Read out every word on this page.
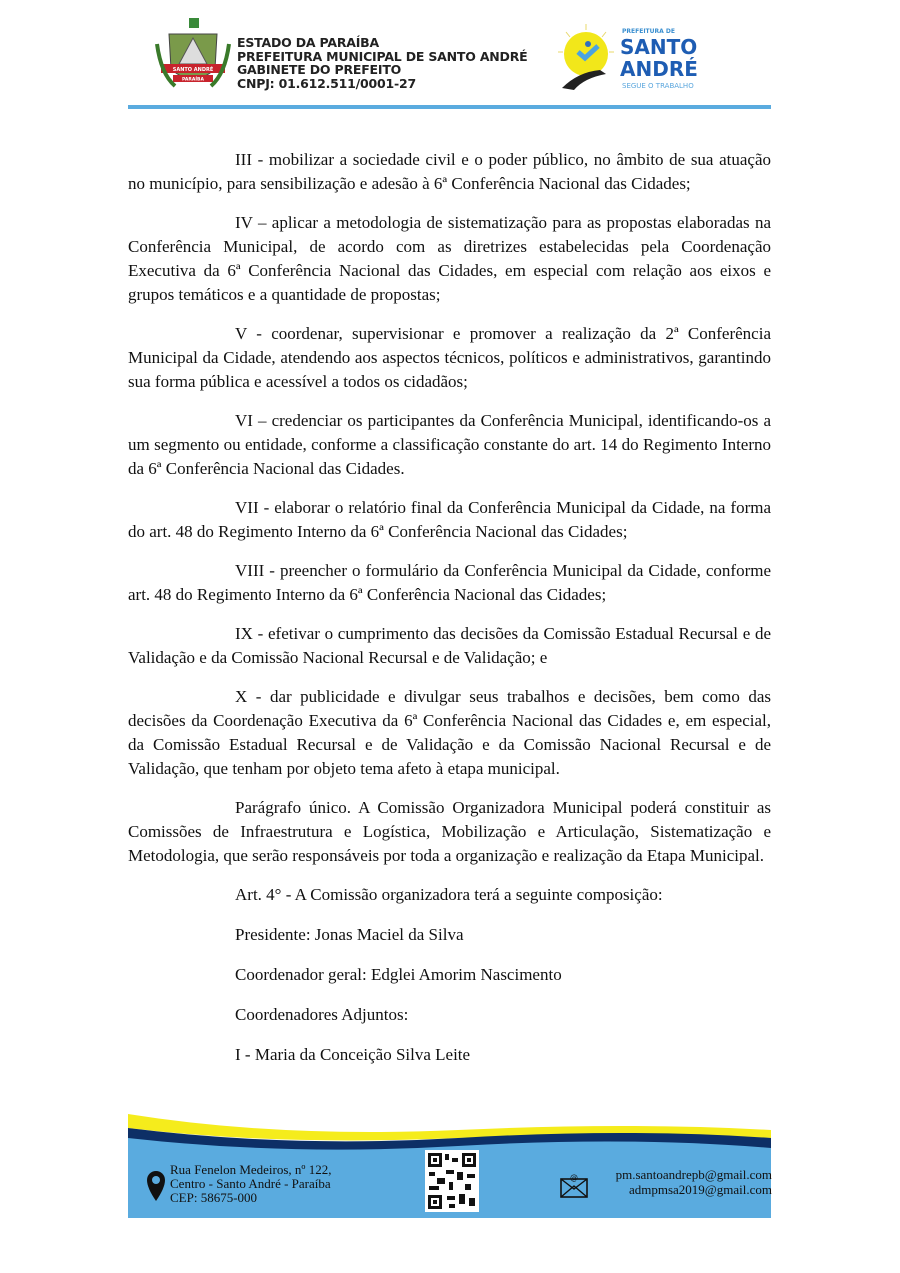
SANTO ANDRÉ
PARAÍBA
ESTADO DA PARAÍBA
PREFEITURA MUNICIPAL DE SANTO ANDRÉ
GABINETE DO PREFEITO
CNPJ: 01.612.511/0001-27
PREFEITURA DE
SANTO
ANDRÉ
SEGUE O TRABALHO

III - mobilizar a sociedade civil e o poder público, no âmbito de sua atuação no município, para sensibilização e adesão à 6ª Conferência Nacional das Cidades;

IV – aplicar a metodologia de sistematização para as propostas elaboradas na Conferência Municipal, de acordo com as diretrizes estabelecidas pela Coordenação Executiva da 6ª Conferência Nacional das Cidades, em especial com relação aos eixos e grupos temáticos e a quantidade de propostas;

V - coordenar, supervisionar e promover a realização da 2ª Conferência Municipal da Cidade, atendendo aos aspectos técnicos, políticos e administrativos, garantindo sua forma pública e acessível a todos os cidadãos;

VI – credenciar os participantes da Conferência Municipal, identificando-os a um segmento ou entidade, conforme a classificação constante do art. 14 do Regimento Interno da 6ª Conferência Nacional das Cidades.

VII - elaborar o relatório final da Conferência Municipal da Cidade, na forma do art. 48 do Regimento Interno da 6ª Conferência Nacional das Cidades;

VIII - preencher o formulário da Conferência Municipal da Cidade, conforme art. 48 do Regimento Interno da 6ª Conferência Nacional das Cidades;

IX - efetivar o cumprimento das decisões da Comissão Estadual Recursal e de Validação e da Comissão Nacional Recursal e de Validação; e

X - dar publicidade e divulgar seus trabalhos e decisões, bem como das decisões da Coordenação Executiva da 6ª Conferência Nacional das Cidades e, em especial, da Comissão Estadual Recursal e de Validação e da Comissão Nacional Recursal e de Validação, que tenham por objeto tema afeto à etapa municipal.

Parágrafo único. A Comissão Organizadora Municipal poderá constituir as Comissões de Infraestrutura e Logística, Mobilização e Articulação, Sistematização e Metodologia, que serão responsáveis por toda a organização e realização da Etapa Municipal.

Art. 4° - A Comissão organizadora terá a seguinte composição:

Presidente: Jonas Maciel da Silva

Coordenador geral: Edglei Amorim Nascimento

Coordenadores Adjuntos:

I - Maria da Conceição Silva Leite

Rua Fenelon Medeiros, nº 122,
Centro - Santo André - Paraíba
CEP: 58675-000
@	pm.santoandrepb@gmail.com
admpmsa2019@gmail.com
